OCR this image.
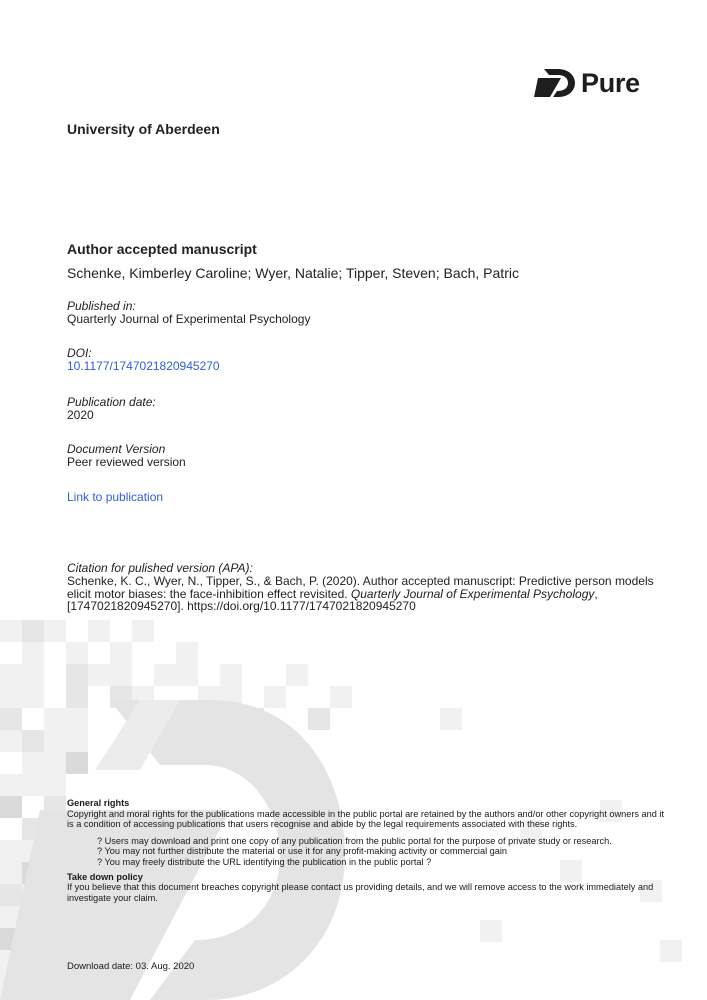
Pure
University of Aberdeen
Author accepted manuscript
Schenke, Kimberley Caroline; Wyer, Natalie; Tipper, Steven; Bach, Patric
Published in:
Quarterly Journal of Experimental Psychology
DOI:
10.1177/1747021820945270
Publication date:
2020
Document Version
Peer reviewed version
Link to publication
Citation for pulished version (APA):
Schenke, K. C., Wyer, N., Tipper, S., & Bach, P. (2020). Author accepted manuscript: Predictive person models elicit motor biases: the face-inhibition effect revisited. Quarterly Journal of Experimental Psychology, [1747021820945270]. https://doi.org/10.1177/1747021820945270
General rights
Copyright and moral rights for the publications made accessible in the public portal are retained by the authors and/or other copyright owners and it is a condition of accessing publications that users recognise and abide by the legal requirements associated with these rights.
? Users may download and print one copy of any publication from the public portal for the purpose of private study or research.
? You may not further distribute the material or use it for any profit-making activity or commercial gain
? You may freely distribute the URL identifying the publication in the public portal ?
Take down policy
If you believe that this document breaches copyright please contact us providing details, and we will remove access to the work immediately and investigate your claim.
Download date: 03. Aug. 2020
